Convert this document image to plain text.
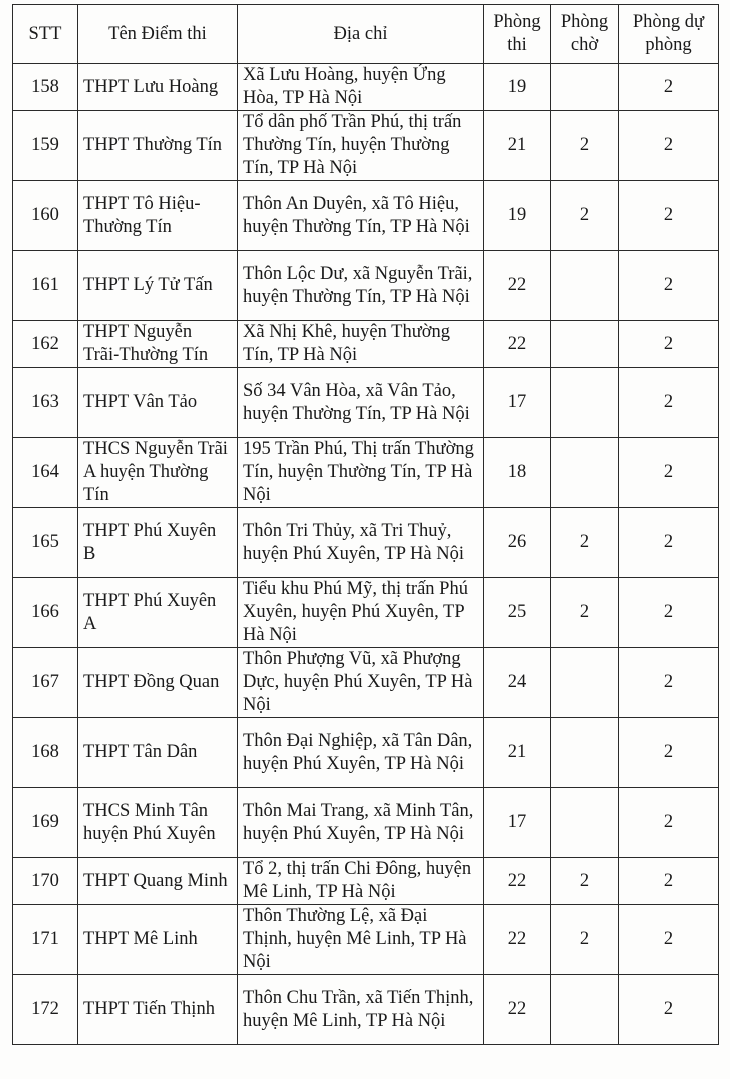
STT	Tên Điểm thi	Địa chỉ	Phòng thi	Phòng chờ	Phòng dự phòng
158	THPT Lưu Hoàng	Xã Lưu Hoàng, huyện Ứng Hòa, TP Hà Nội	19		2
159	THPT Thường Tín	Tổ dân phố Trần Phú, thị trấn Thường Tín, huyện Thường Tín, TP Hà Nội	21	2	2
160	THPT Tô Hiệu-Thường Tín	Thôn An Duyên, xã Tô Hiệu, huyện Thường Tín, TP Hà Nội	19	2	2
161	THPT Lý Tử Tấn	Thôn Lộc Dư, xã Nguyễn Trãi, huyện Thường Tín, TP Hà Nội	22		2
162	THPT Nguyễn Trãi-Thường Tín	Xã Nhị Khê, huyện Thường Tín, TP Hà Nội	22		2
163	THPT Vân Tảo	Số 34 Vân Hòa, xã Vân Tảo, huyện Thường Tín, TP Hà Nội	17		2
164	THCS Nguyễn Trãi A huyện Thường Tín	195 Trần Phú, Thị trấn Thường Tín, huyện Thường Tín, TP Hà Nội	18		2
165	THPT Phú Xuyên B	Thôn Tri Thủy, xã Tri Thuỷ, huyện Phú Xuyên, TP Hà Nội	26	2	2
166	THPT Phú Xuyên A	Tiểu khu Phú Mỹ, thị trấn Phú Xuyên, huyện Phú Xuyên, TP Hà Nội	25	2	2
167	THPT Đồng Quan	Thôn Phượng Vũ, xã Phượng Dực, huyện Phú Xuyên, TP Hà Nội	24		2
168	THPT Tân Dân	Thôn Đại Nghiệp, xã Tân Dân, huyện Phú Xuyên, TP Hà Nội	21		2
169	THCS Minh Tân huyện Phú Xuyên	Thôn Mai Trang, xã Minh Tân, huyện Phú Xuyên, TP Hà Nội	17		2
170	THPT Quang Minh	Tổ 2, thị trấn Chi Đông, huyện Mê Linh, TP Hà Nội	22	2	2
171	THPT Mê Linh	Thôn Thường Lệ, xã Đại Thịnh, huyện Mê Linh, TP Hà Nội	22	2	2
172	THPT Tiến Thịnh	Thôn Chu Trần, xã Tiến Thịnh, huyện Mê Linh, TP Hà Nội	22		2
